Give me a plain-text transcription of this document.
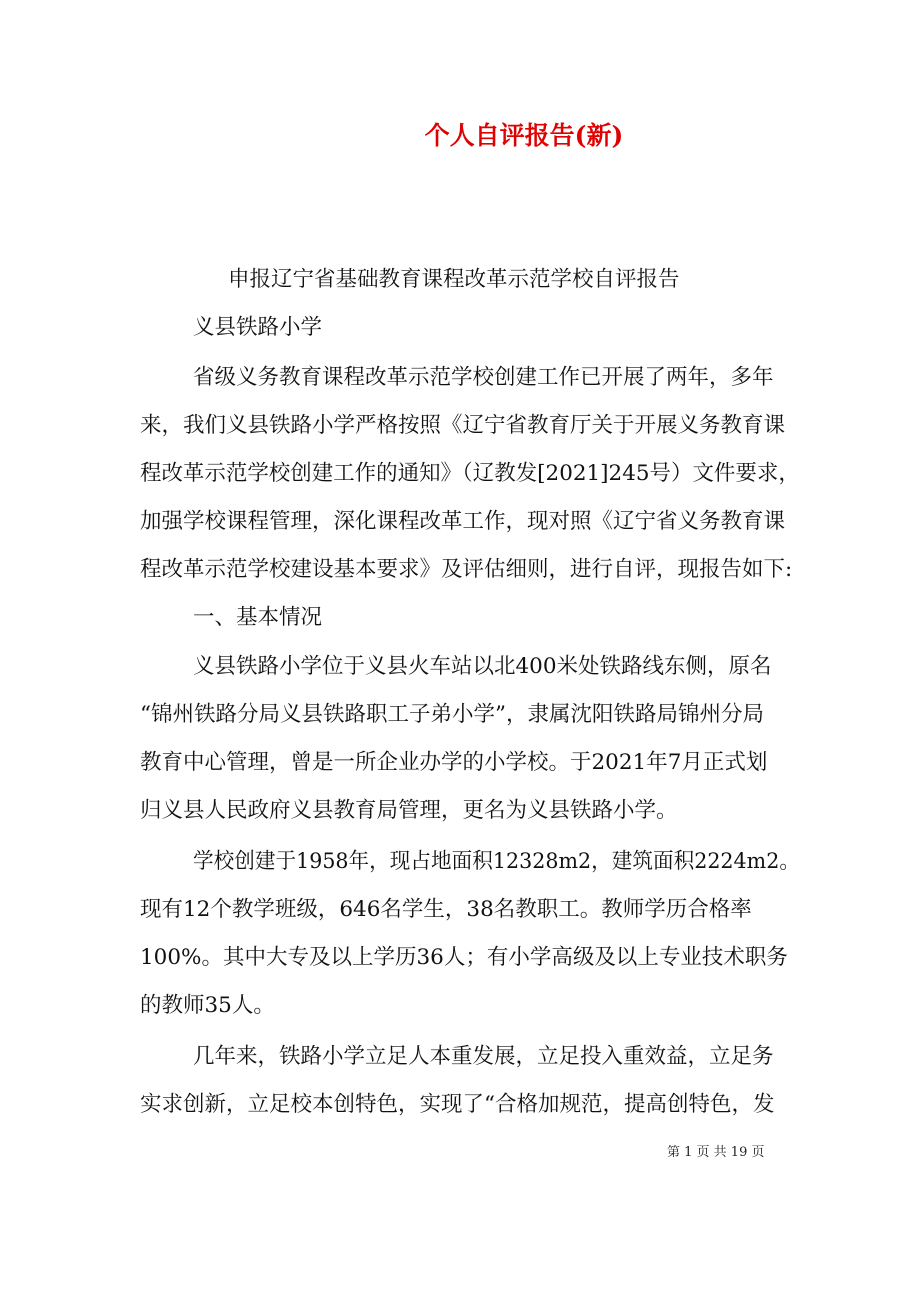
个人自评报告(新)
申报辽宁省基础教育课程改革示范学校自评报告
义县铁路小学
省级义务教育课程改革示范学校创建工作已开展了两年，多年
来，我们义县铁路小学严格按照《辽宁省教育厅关于开展义务教育课
程改革示范学校创建工作的通知》（辽教发[2021]245号）文件要求，
加强学校课程管理，深化课程改革工作，现对照《辽宁省义务教育课
程改革示范学校建设基本要求》及评估细则，进行自评，现报告如下:
一、基本情况
义县铁路小学位于义县火车站以北400米处铁路线东侧，原名
“锦州铁路分局义县铁路职工子弟小学”，隶属沈阳铁路局锦州分局
教育中心管理，曾是一所企业办学的小学校。于2021年7月正式划
归义县人民政府义县教育局管理，更名为义县铁路小学。
学校创建于1958年，现占地面积12328m2，建筑面积2224m2。
现有12个教学班级，646名学生，38名教职工。教师学历合格率
100%。其中大专及以上学历36人；有小学高级及以上专业技术职务
的教师35人。
几年来，铁路小学立足人本重发展，立足投入重效益，立足务
实求创新，立足校本创特色，实现了“合格加规范，提高创特色，发
第 1 页 共 19 页
